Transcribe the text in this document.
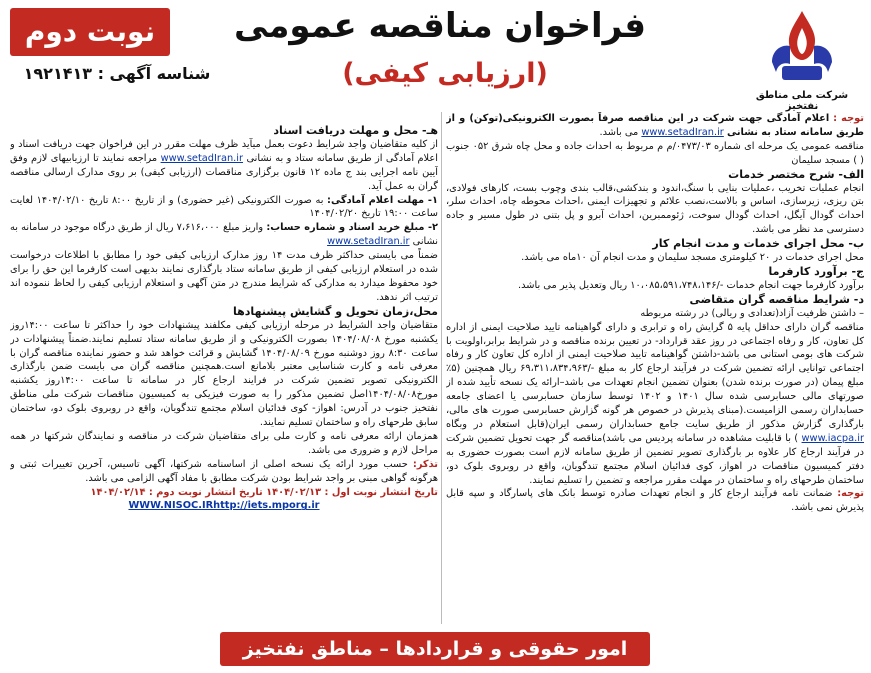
نوبت دوم
شناسه آگهی : ۱۹۲۱۴۱۳
فراخوان مناقصه عمومی
(ارزیابی کیفی)
شرکت ملی مناطق نفتخیز

توجه : اعلام آمادگی جهت شرکت در این مناقصه صرفاً بصورت الکترونیکی(توکن) و از طریق سامانه ستاد به نشانی www.setadIran.ir می باشد.

مناقصه عمومی یک مرحله ای شماره ۰۴۷۳/۰۳/م م مربوط به احداث جاده و محل چاه شرق ۰۵۲ جنوب ( ) مسجد سلیمان

الف- شرح مختصر خدمات

انجام عملیات تخریب ،عملیات بنایی با سنگ،اندود و بندکشی،قالب بندی وچوب بست، کارهای فولادی، بتن ریزی، زیرسازی، اساس و بالاست،نصب علائم و تجهیزات ایمنی ،احداث محوطه چاه، احداث سلر، احداث گودال آیگل، احداث گودال سوخت، ژئوممبرین، احداث آبرو و پل بتنی در طول مسیر و جاده دسترسی مد نظر می باشد.

ب- محل اجرای خدمات و مدت انجام کار

محل اجرای خدمات در ۲۰ کیلومتری مسجد سلیمان و مدت انجام آن ۱۰ماه می باشد.

ج- برآورد کارفرما

برآورد کارفرما جهت انجام خدمات -/۱۰،۰۸۵،۵۹۱،۷۴۸،۱۴۶ ریال وتعدیل پذیر می باشد.

د- شرایط مناقصه گران متقاضی

– داشتن ظرفیت آزاد(تعدادی و ریالی) در رشته مربوطه

مناقصه گران دارای حداقل پایه ۵ گرایش راه و ترابری و دارای گواهینامه تایید صلاحیت ایمنی از اداره کل تعاون، کار و رفاه اجتماعی در روز عقد قرارداد- در تعیین برنده مناقصه و در شرایط برابر،اولویت با شرکت های بومی استانی می باشد-داشتن گواهینامه تایید صلاحیت ایمنی از اداره کل تعاون کار و رفاه اجتماعی توانایی ارائه تضمین شرکت در فرآیند ارجاع کار به مبلغ -/۶۹،۳۱۱،۸۳۴،۹۶۳ ریال همچنین (۵٪ مبلغ پیمان (در صورت برنده شدن) بعنوان تضمین انجام تعهدات می باشد–ارائه یک نسخه تأیید شده از صورتهای مالی حسابرسی شده سال ۱۴۰۱ و ۱۴۰۲ توسط سازمان حسابرسی یا اعضای جامعه حسابداران رسمی الزامیست.(مبنای پذیرش در خصوص هر گونه گزارش حسابرسی صورت های مالی، بارگذاری گزارش مذکور از طریق سایت جامع حسابداران رسمی ایران(قابل استعلام در وبگاه www.iacpa.ir ) با قابلیت مشاهده در سامانه پردیس می باشد)مناقصه گر جهت تحویل تضمین شرکت در فرآیند ارجاع کار علاوه بر بارگذاری تصویر تضمین از طریق سامانه لازم است بصورت حضوری به دفتر کمیسیون مناقصات در اهواز، کوی فدائیان اسلام مجتمع تندگویان، واقع در روبروی بلوک دو، ساختمان طرحهای راه و ساختمان در مهلت مقرر مراجعه و تضمین را تسلیم نمایند.

توجه: ضمانت نامه فرآیند ارجاع کار و انجام تعهدات صادره توسط بانک های پاسارگاد و سپه قابل پذیرش نمی باشد.

هـ- محل و مهلت دریافت اسناد

از کلیه متقاضیان واجد شرایط دعوت بعمل میآید ظرف مهلت مقرر در این فراخوان جهت دریافت اسناد و اعلام آمادگی از طریق سامانه ستاد و به نشانی www.setadIran.ir مراجعه نمایند تا ارزیابیهای لازم وفق آیین نامه اجرایی بند ج ماده ۱۲ قانون برگزاری مناقصات (ارزیابی کیفی) بر روی مدارک ارسالی مناقصه گران به عمل آید.

۱- مهلت اعلام آمادگی: به صورت الکترونیکی (غیر حضوری) و از تاریخ ۸:۰۰ تاریخ ۱۴۰۴/۰۲/۱۰ لغایت ساعت ۱۹:۰۰ تاریخ ۱۴۰۴/۰۲/۲۰

۲- مبلغ خرید اسناد و شماره حساب: واریز مبلغ ۷،۶۱۶،۰۰۰ ریال از طریق درگاه موجود در سامانه به نشانی www.setadIran.ir

ضمناً می بایستی حداکثر ظرف مدت ۱۴ روز مدارک ارزیابی کیفی خود را مطابق با اطلاعات درخواست شده در استعلام ارزیابی کیفی از طریق سامانه ستاد بارگذاری نمایند بدیهی است کارفرما این حق را برای خود محفوظ میدارد به مدارکی که شرایط مندرج در متن آگهی و استعلام ارزیابی کیفی را لحاظ ننموده اند ترتیب اثر ندهد.

محل،زمان تحویل و گشایش پیشنهادها

متقاضیان واجد الشرایط در مرحله ارزیابی کیفی مکلفند پیشنهادات خود را حداکثر تا ساعت ۱۴:۰۰روز یکشنبه مورخ ۱۴۰۴/۰۸/۰۸ بصورت الکترونیکی و از طریق سامانه ستاد تسلیم نمایند.ضمناً پیشنهادات در ساعت ۸:۳۰ روز دوشنبه مورخ ۱۴۰۴/۰۸/۰۹ گشایش و قرائت خواهد شد و حضور نماینده مناقصه گران با معرفی نامه و کارت شناسایی معتبر بلامانع است.همچنین مناقصه گران می بایست ضمن بارگذاری الکترونیکی تصویر تضمین شرکت در فرایند ارجاع کار در سامانه تا ساعت ۱۴:۰۰روز یکشنبه مورخ۱۴۰۴/۰۸/۰۸اصل تضمین مذکور را به صورت فیزیکی به کمیسیون مناقصات شرکت ملی مناطق نفتخیز جنوب در آدرس: اهواز- کوی فدائیان اسلام مجتمع تندگویان، واقع در روبروی بلوک دو، ساختمان سابق طرحهای راه و ساختمان تسلیم نمایند.

همزمان ارائه معرفی نامه و کارت ملی برای متقاضیان شرکت در مناقصه و نمایندگان شرکتها در همه مراحل لازم و ضروری می باشد.

تذکر: حسب مورد ارائه یک نسخه اصلی از اساسنامه شرکتها، آگهی تاسیس، آخرین تغییرات ثبتی و هرگونه گواهی مبنی بر واجد شرایط بودن شرکت مطابق با مفاد آگهی الزامی می باشد.

تاریخ انتشار نوبت اول : ۱۴۰۴/۰۲/۱۳ تاریخ انتشار نوبت دوم : ۱۴۰۴/۰۲/۱۴

WWW.NISOC.IRhttp://iets.mporg.ir

امور حقوقی و قراردادها – مناطق نفتخیز
